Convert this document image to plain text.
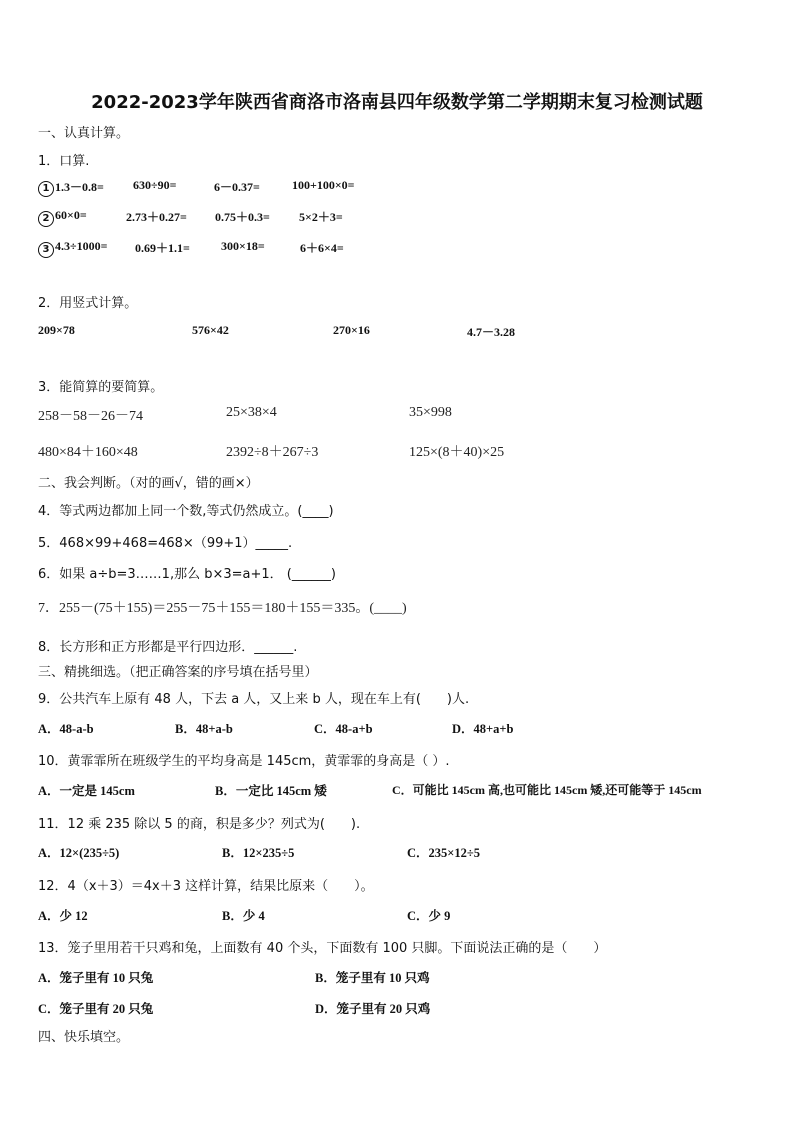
2022-2023学年陕西省商洛市洛南县四年级数学第二学期期末复习检测试题
一、认真计算。
1．口算.
1 1.3－0.8= 630÷90=	6－0.37=	100+100×0=
2 60×0=	2.73＋0.27= 0.75＋0.3= 5×2＋3=
3 4.3÷1000= 0.69＋1.1=	300×18=	6＋6×4=
2．用竖式计算。
209×78	576×42	270×16	4.7－3.28
3．能简算的要简算。
258－58－26－74	25×38×4	35×998
480×84＋160×48	2392÷8＋267÷3	125×(8＋40)×25
二、我会判断。（对的画√，错的画×）
4．等式两边都加上同一个数,等式仍然成立。(____)
5．468×99+468=468×（99+1）_____.
6．如果 a÷b=3……1,那么 b×3=a+1． (______)
7．255－(75＋155)＝255－75＋155＝180＋155＝335。(____)
8．长方形和正方形都是平行四边形．______.
三、精挑细选。（把正确答案的序号填在括号里）
9．公共汽车上原有 48 人，下去 a 人，又上来 b 人，现在车上有(　　)人.
A．48-a-b	B．48+a-b	C．48-a+b	D．48+a+b
10．黄霏霏所在班级学生的平均身高是 145cm，黄霏霏的身高是（ ）.
A．一定是 145cm	B．一定比 145cm 矮	C．可能比 145cm 高,也可能比 145cm 矮,还可能等于 145cm
11．12 乘 235 除以 5 的商，积是多少？列式为(　　).
A．12×(235÷5)	B．12×235÷5	C．235×12÷5
12．4（x＋3）＝4x＋3 这样计算，结果比原来（　　）。
A．少 12	B．少 4	C．少 9
13．笼子里用若干只鸡和兔，上面数有 40 个头，下面数有 100 只脚。下面说法正确的是（　　）
A．笼子里有 10 只兔	B．笼子里有 10 只鸡
C．笼子里有 20 只兔	D．笼子里有 20 只鸡
四、快乐填空。
